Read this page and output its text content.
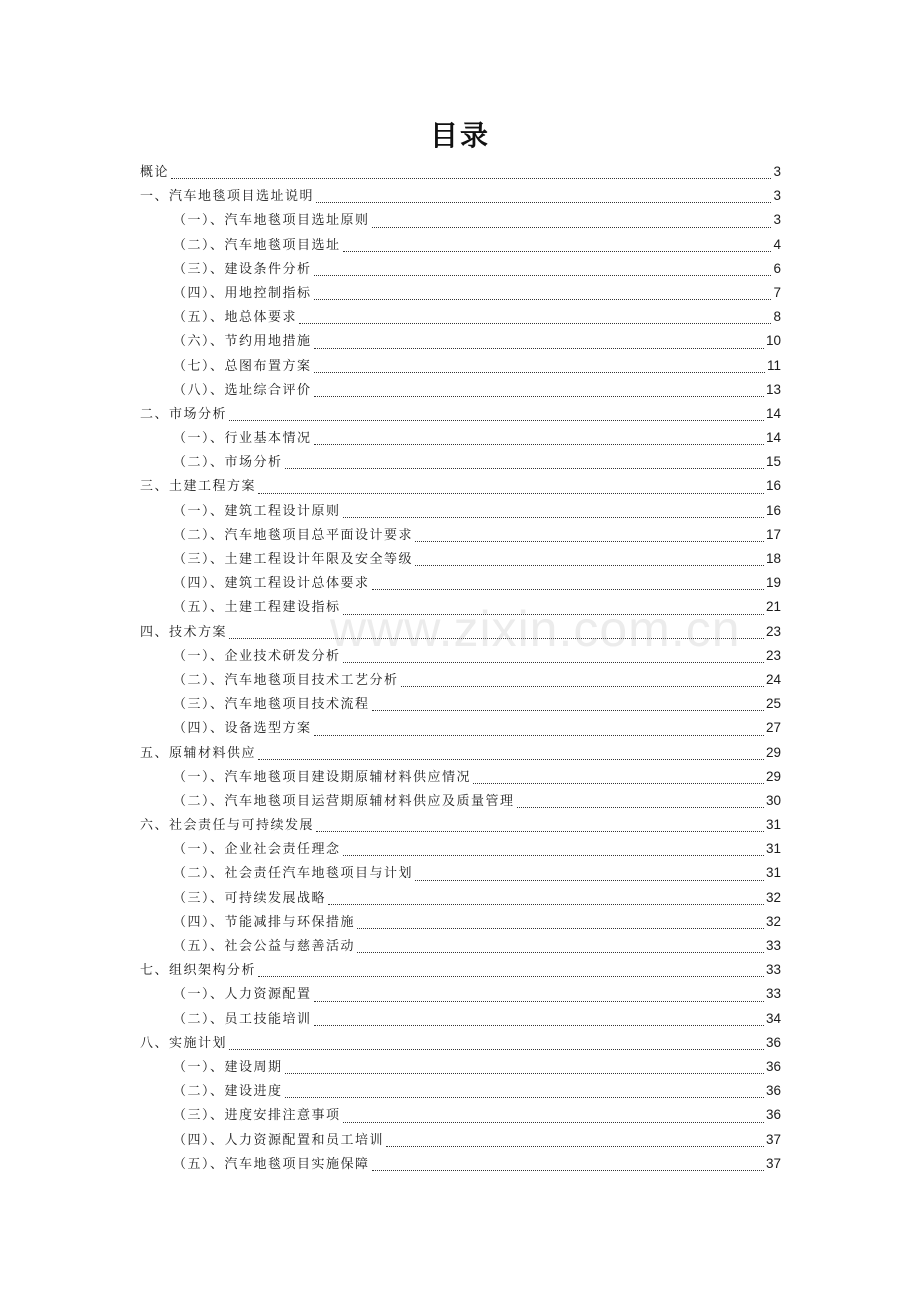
目录
概论	3
一、汽车地毯项目选址说明	3
（一）、汽车地毯项目选址原则	3
（二）、汽车地毯项目选址	4
（三）、建设条件分析	6
（四）、用地控制指标	7
（五）、地总体要求	8
（六）、节约用地措施	10
（七）、总图布置方案	11
（八）、选址综合评价	13
二、市场分析	14
（一）、行业基本情况	14
（二）、市场分析	15
三、土建工程方案	16
（一）、建筑工程设计原则	16
（二）、汽车地毯项目总平面设计要求	17
（三）、土建工程设计年限及安全等级	18
（四）、建筑工程设计总体要求	19
（五）、土建工程建设指标	21
四、技术方案	23
（一）、企业技术研发分析	23
（二）、汽车地毯项目技术工艺分析	24
（三）、汽车地毯项目技术流程	25
（四）、设备选型方案	27
五、原辅材料供应	29
（一）、汽车地毯项目建设期原辅材料供应情况	29
（二）、汽车地毯项目运营期原辅材料供应及质量管理	30
六、社会责任与可持续发展	31
（一）、企业社会责任理念	31
（二）、社会责任汽车地毯项目与计划	31
（三）、可持续发展战略	32
（四）、节能减排与环保措施	32
（五）、社会公益与慈善活动	33
七、组织架构分析	33
（一）、人力资源配置	33
（二）、员工技能培训	34
八、实施计划	36
（一）、建设周期	36
（二）、建设进度	36
（三）、进度安排注意事项	36
（四）、人力资源配置和员工培训	37
（五）、汽车地毯项目实施保障	37
www.zixin.com.cn
